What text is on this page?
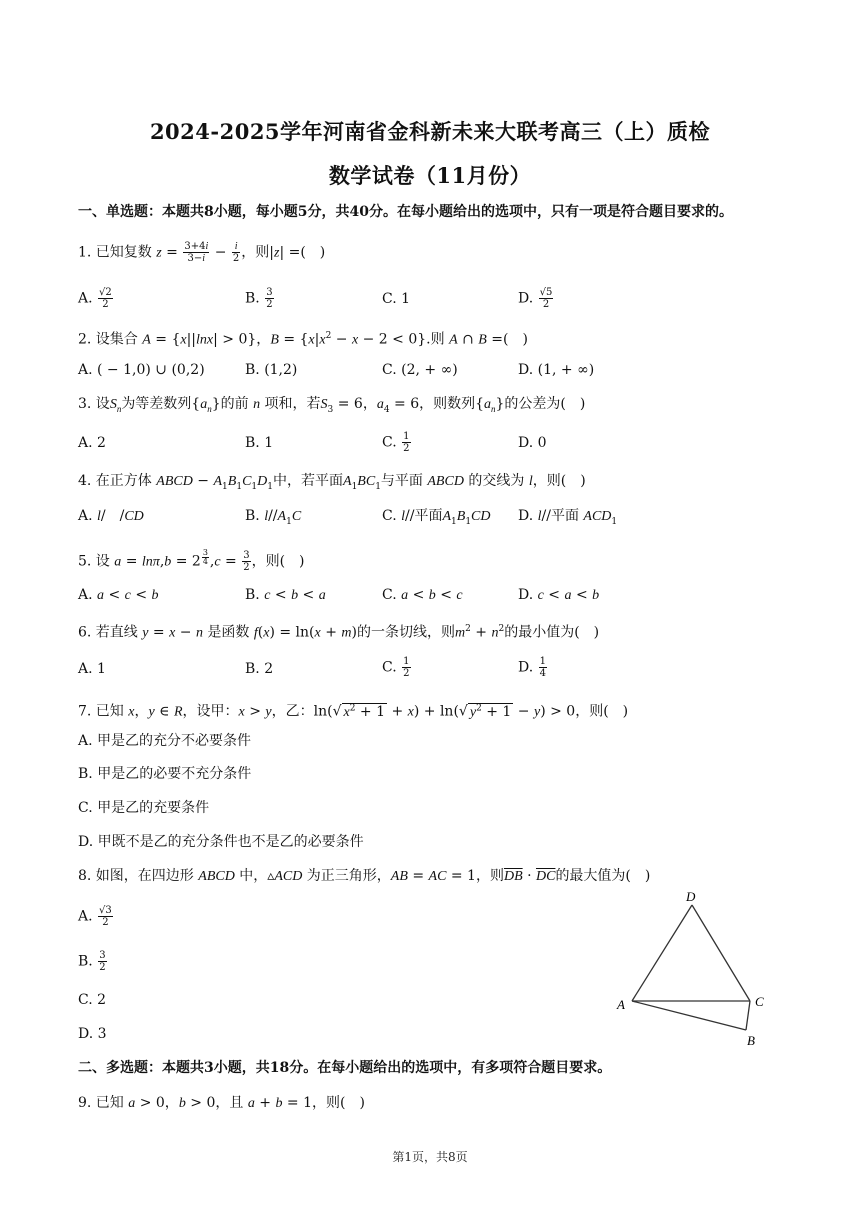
2024-2025学年河南省金科新未来大联考高三（上）质检
数学试卷（11月份）
一、单选题：本题共8小题，每小题5分，共40分。在每小题给出的选项中，只有一项是符合题目要求的。
1. 已知复数 $z = \frac{3+4i}{3-i} - \frac{i}{2}$ ，则|z| =(　)
A. $\frac{√2}{2}$	B. $\frac{3}{2}$	C. 1	D. $\frac{√5}{2}$
2. 设集合 A = {x||lnx| > 0}，$B = \{x|x^2 - x - 2 < 0\}$.则 A ∩ B =(　)
A. ( − 1,0) ∪ (0,2)	B. (1,2)	C. (2, + ∞)	D. (1, + ∞)
3. 设$S_n$为等差数列$\{a_n\}$的前 n 项和，若$S_3 = 6$，$a_4 = 6$，则数列$\{a_n\}$的公差为(　)
A. 2	B. 1	C. $\frac{1}{2}$	D. 0
4. 在正方体 ABCD − $A_1B_1C_1D_1$中，若平面$A_1BC_1$与平面 ABCD 的交线为 l，则(　)
A. l/　/CD	B. $l//A_1C$	C. l//平面$A_1B_1CD$ D. l//平面 $ACD_1$
5. 设 a = lnπ,b = 2 $^{\frac{3}{4}}$ $,c = \frac{3}{2}$ ，则(　)
A. a < c < b	B. c < b < a	C. a < b < c	D. c < a < b
6. 若直线 y = x − n 是函数 f(x) = ln(x + m)的一条切线，则$m^2 + n^2$的最小值为(　)
A. 1	B. 2	C. $\frac{1}{2}$	D. $\frac{1}{4}$
7. 已知 x，y ∈ R，设甲：x > y，乙：ln(√ $x^2 + 1 + x) + \ln(√$ $y^2 + 1 - y) > 0$，则(　)
A. 甲是乙的充分不必要条件
B. 甲是乙的必要不充分条件
C. 甲是乙的充要条件
D. 甲既不是乙的充分条件也不是乙的必要条件
8. 如图，在四边形 ABCD 中，▵ACD 为正三角形，AB = AC = 1，则$\overline{DB} \cdot \overline{DC}$的最大值为(　)
A. $\frac{√3}{2}$
B. $\frac{3}{2}$
C. 2
D. 3
D
A	C
B
二、多选题：本题共3小题，共18分。在每小题给出的选项中，有多项符合题目要求。
9. 已知 a > 0，b > 0，且 a + b = 1，则(　)
第1页，共8页
